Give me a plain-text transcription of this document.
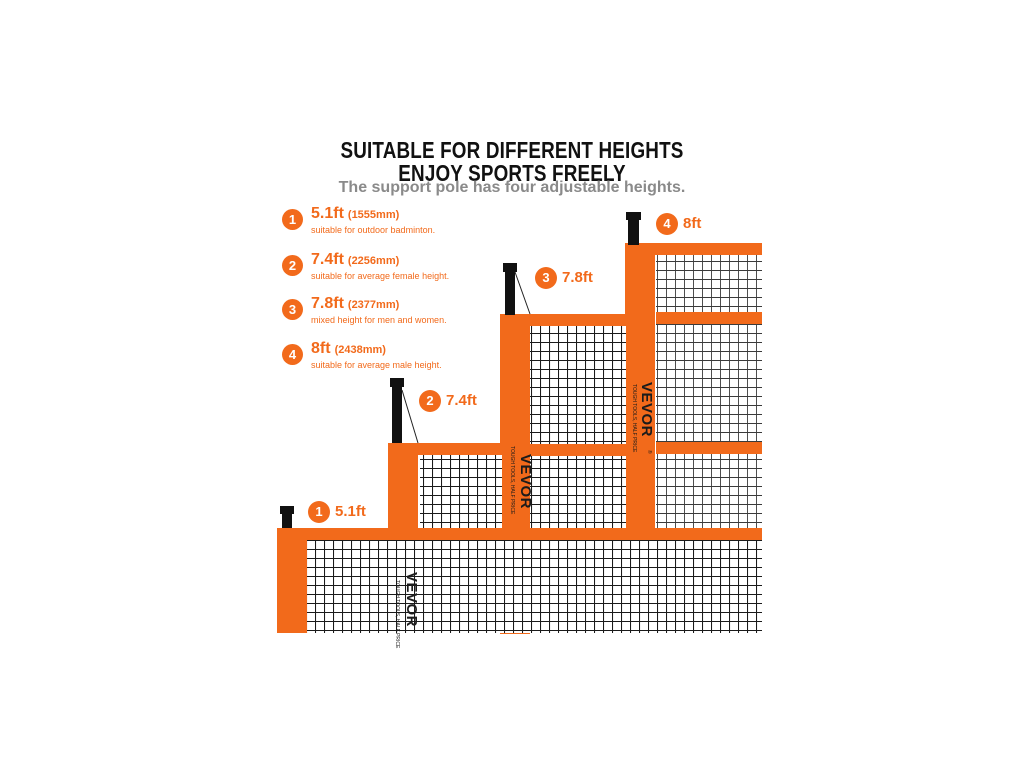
SUITABLE FOR DIFFERENT HEIGHTS
ENJOY SPORTS FREELY
The support pole has four adjustable heights.
1 5.1ft (1555mm)
suitable for outdoor badminton.
2 7.4ft (2256mm)
suitable for average female height.
3 7.8ft (2377mm)
mixed height for men and women.
4 8ft (2438mm)
suitable for average male height.
1 5.1ft
2 7.4ft
3 7.8ft
4 8ft
VEVOR
TOUGH TOOLS, HALF PRICE ®
VEVOR
TOUGH TOOLS, HALF PRICE
VEVOR
TOUGH TOOLS, HALF PRICE
